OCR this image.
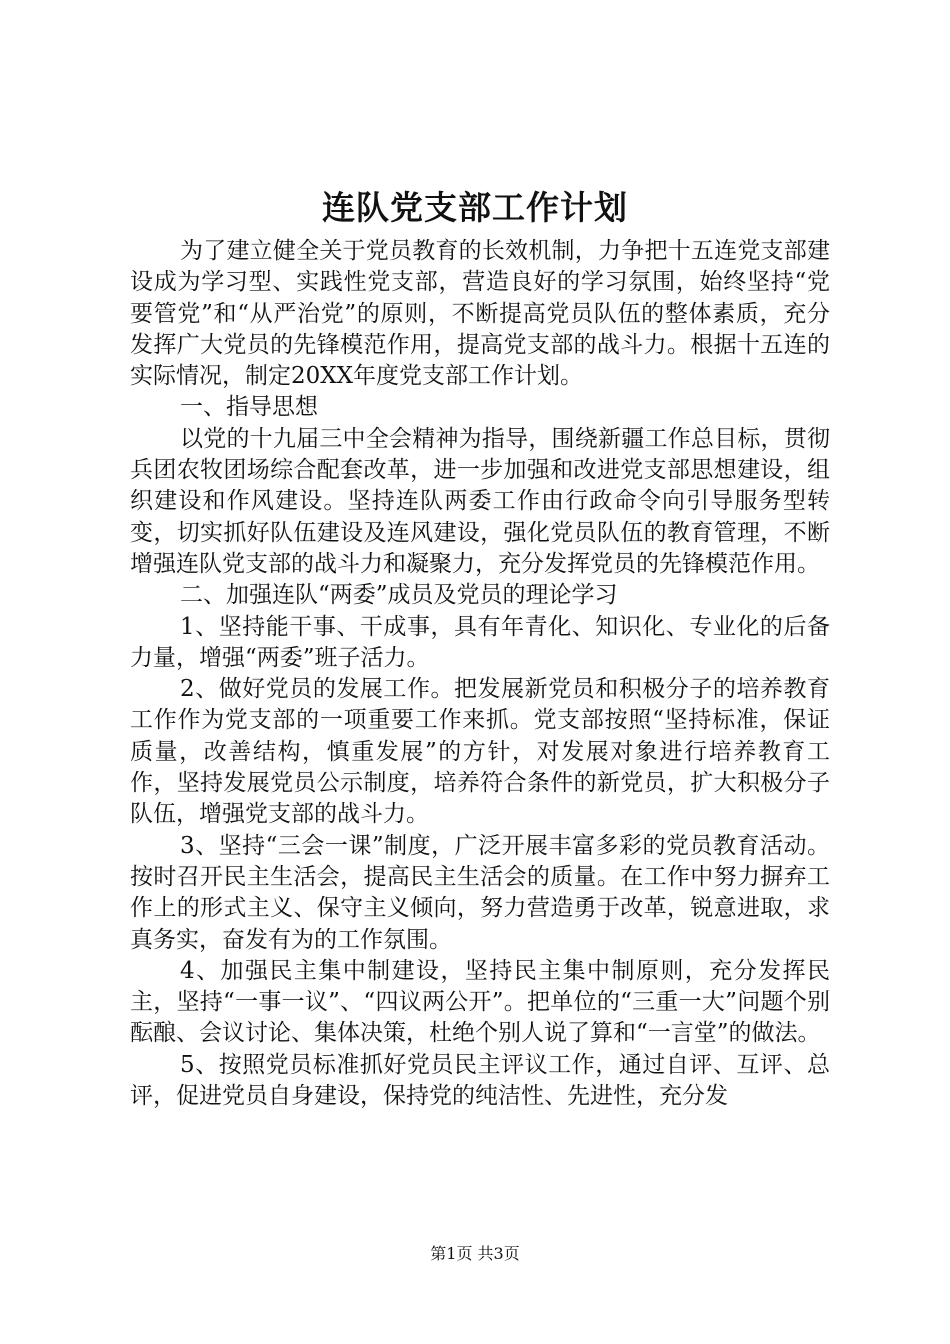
连队党支部工作计划

为了建立健全关于党员教育的长效机制，力争把十五连党支部建设成为学习型、实践性党支部，营造良好的学习氛围，始终坚持“党要管党”和“从严治党”的原则，不断提高党员队伍的整体素质，充分发挥广大党员的先锋模范作用，提高党支部的战斗力。根据十五连的实际情况，制定20XX年度党支部工作计划。

一、指导思想

以党的十九届三中全会精神为指导，围绕新疆工作总目标，贯彻兵团农牧团场综合配套改革，进一步加强和改进党支部思想建设，组织建设和作风建设。坚持连队两委工作由行政命令向引导服务型转变，切实抓好队伍建设及连风建设，强化党员队伍的教育管理，不断增强连队党支部的战斗力和凝聚力，充分发挥党员的先锋模范作用。

二、加强连队“两委”成员及党员的理论学习

1、坚持能干事、干成事，具有年青化、知识化、专业化的后备力量，增强“两委”班子活力。

2、做好党员的发展工作。把发展新党员和积极分子的培养教育工作作为党支部的一项重要工作来抓。党支部按照“坚持标准，保证质量，改善结构，慎重发展”的方针，对发展对象进行培养教育工作，坚持发展党员公示制度，培养符合条件的新党员，扩大积极分子队伍，增强党支部的战斗力。

3、坚持“三会一课”制度，广泛开展丰富多彩的党员教育活动。按时召开民主生活会，提高民主生活会的质量。在工作中努力摒弃工作上的形式主义、保守主义倾向，努力营造勇于改革，锐意进取，求真务实，奋发有为的工作氛围。

4、加强民主集中制建设，坚持民主集中制原则，充分发挥民主，坚持“一事一议”、“四议两公开”。把单位的“三重一大”问题个别酝酿、会议讨论、集体决策，杜绝个别人说了算和“一言堂”的做法。

5、按照党员标准抓好党员民主评议工作，通过自评、互评、总评，促进党员自身建设，保持党的纯洁性、先进性，充分发

第1页 共3页
